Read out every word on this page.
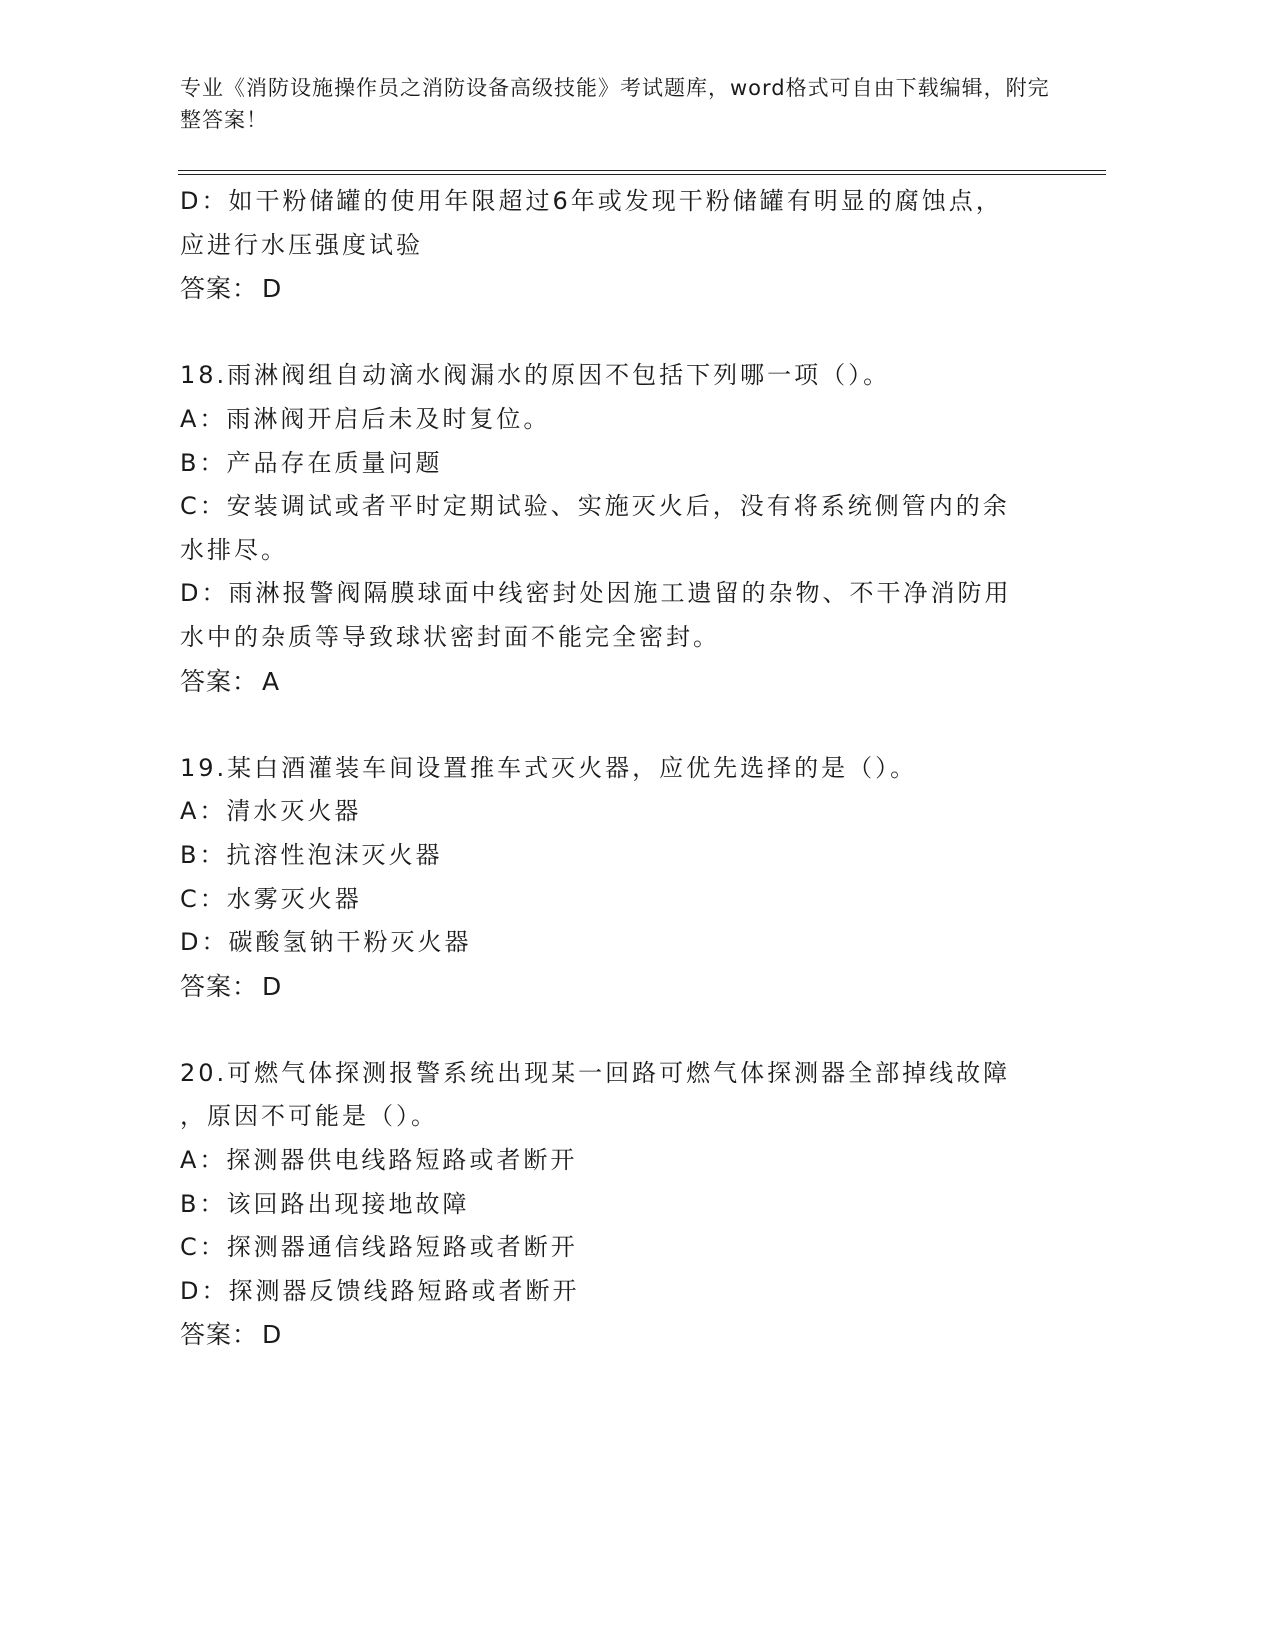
专业《消防设施操作员之消防设备高级技能》考试题库，word格式可自由下载编辑，附完整答案！
D：如干粉储罐的使用年限超过6年或发现干粉储罐有明显的腐蚀点，
应进行水压强度试验
答案： D
18.雨淋阀组自动滴水阀漏水的原因不包括下列哪一项（）。
A：雨淋阀开启后未及时复位。
B：产品存在质量问题
C：安装调试或者平时定期试验、实施灭火后，没有将系统侧管内的余
水排尽。
D：雨淋报警阀隔膜球面中线密封处因施工遗留的杂物、不干净消防用
水中的杂质等导致球状密封面不能完全密封。
答案： A
19.某白酒灌装车间设置推车式灭火器，应优先选择的是（）。
A：清水灭火器
B：抗溶性泡沫灭火器
C：水雾灭火器
D：碳酸氢钠干粉灭火器
答案： D
20.可燃气体探测报警系统出现某一回路可燃气体探测器全部掉线故障
，原因不可能是（）。
A：探测器供电线路短路或者断开
B：该回路出现接地故障
C：探测器通信线路短路或者断开
D：探测器反馈线路短路或者断开
答案： D
